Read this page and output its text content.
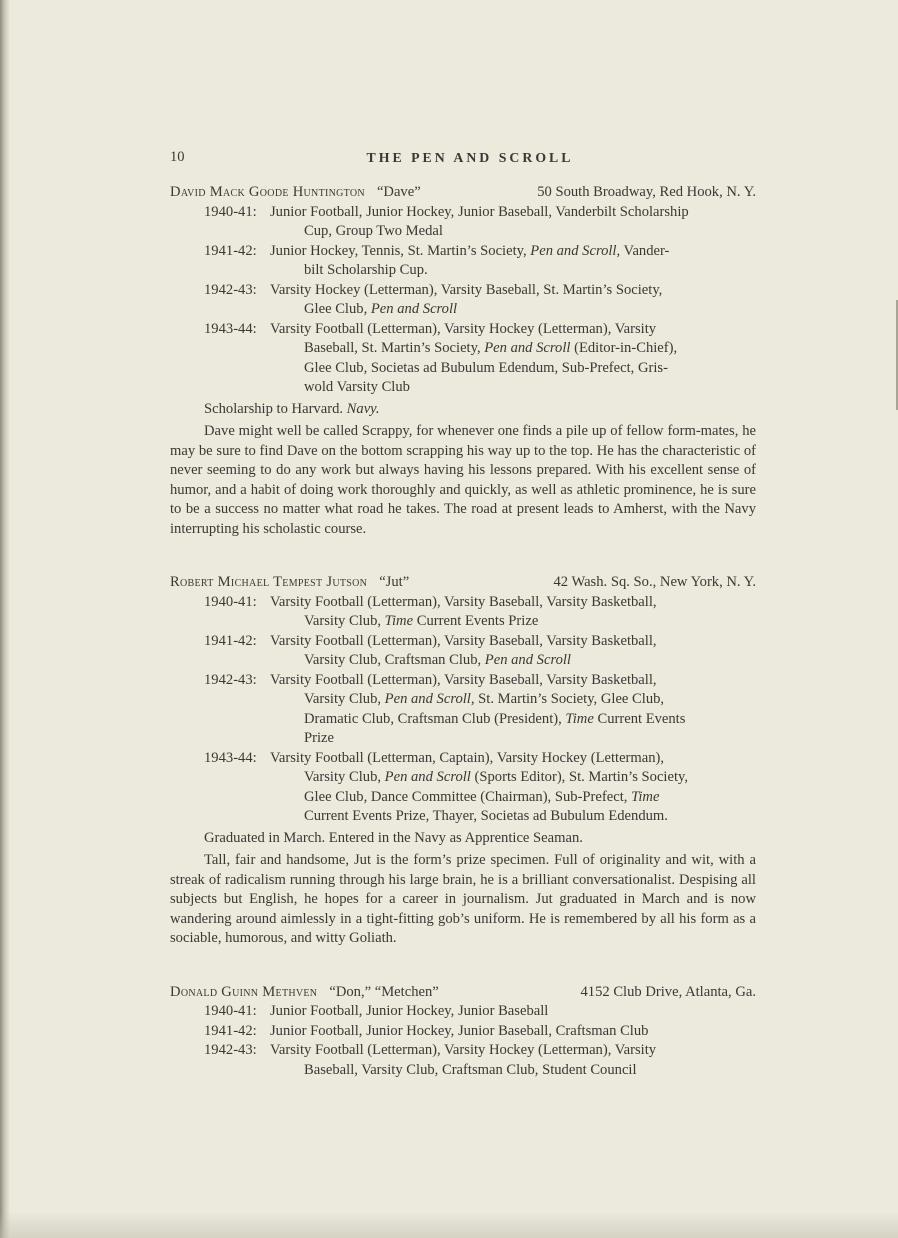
10	THE PEN AND SCROLL
David Mack Goode Huntington “Dave”	50 South Broadway, Red Hook, N. Y.
1940-41: Junior Football, Junior Hockey, Junior Baseball, Vanderbilt Scholarship
Cup, Group Two Medal
1941-42: Junior Hockey, Tennis, St. Martin’s Society, Pen and Scroll, Vander-
bilt Scholarship Cup.
1942-43: Varsity Hockey (Letterman), Varsity Baseball, St. Martin’s Society,
Glee Club, Pen and Scroll
1943-44: Varsity Football (Letterman), Varsity Hockey (Letterman), Varsity
Baseball, St. Martin’s Society, Pen and Scroll (Editor-in-Chief),
Glee Club, Societas ad Bubulum Edendum, Sub-Prefect, Gris-
wold Varsity Club
Scholarship to Harvard. Navy.

Dave might well be called Scrappy, for whenever one finds a pile up of fellow form-mates, he may be sure to find Dave on the bottom scrapping his way up to the top. He has the characteristic of never seeming to do any work but always having his lessons prepared. With his excellent sense of humor, and a habit of doing work thoroughly and quickly, as well as athletic prominence, he is sure to be a success no matter what road he takes. The road at present leads to Amherst, with the Navy interrupting his scholastic course.

Robert Michael Tempest Jutson “Jut”	42 Wash. Sq. So., New York, N. Y.
1940-41: Varsity Football (Letterman), Varsity Baseball, Varsity Basketball,
Varsity Club, Time Current Events Prize
1941-42: Varsity Football (Letterman), Varsity Baseball, Varsity Basketball,
Varsity Club, Craftsman Club, Pen and Scroll
1942-43: Varsity Football (Letterman), Varsity Baseball, Varsity Basketball,
Varsity Club, Pen and Scroll, St. Martin’s Society, Glee Club,
Dramatic Club, Craftsman Club (President), Time Current Events
Prize
1943-44: Varsity Football (Letterman, Captain), Varsity Hockey (Letterman),
Varsity Club, Pen and Scroll (Sports Editor), St. Martin’s Society,
Glee Club, Dance Committee (Chairman), Sub-Prefect, Time
Current Events Prize, Thayer, Societas ad Bubulum Edendum.
Graduated in March. Entered in the Navy as Apprentice Seaman.

Tall, fair and handsome, Jut is the form’s prize specimen. Full of originality and wit, with a streak of radicalism running through his large brain, he is a brilliant conversationalist. Despising all subjects but English, he hopes for a career in journalism. Jut graduated in March and is now wandering around aimlessly in a tight-fitting gob’s uniform. He is remembered by all his form as a sociable, humorous, and witty Goliath.

Donald Guinn Methven “Don,” “Metchen”	4152 Club Drive, Atlanta, Ga.
1940-41: Junior Football, Junior Hockey, Junior Baseball
1941-42: Junior Football, Junior Hockey, Junior Baseball, Craftsman Club
1942-43: Varsity Football (Letterman), Varsity Hockey (Letterman), Varsity
Baseball, Varsity Club, Craftsman Club, Student Council
